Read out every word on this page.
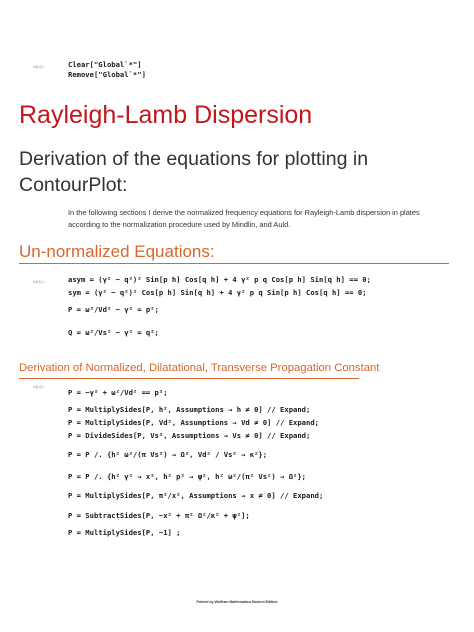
In[10]:=	Clear["Global`*"]
Remove["Global`*"]
Rayleigh-Lamb Dispersion
Derivation of the equations for plotting in ContourPlot:
In the following sections I derive the normalized frequency equations for Rayleigh-Lamb dispersion in plates according to the normalization procedure used by Mindlin, and Auld.
Un-normalized Equations:
In[11]:=	asym = (γ² − q²)² Sin[p h] Cos[q h] + 4 γ² p q Cos[p h] Sin[q h] == 0;
sym = (γ² − q²)² Cos[p h] Sin[q h] + 4 γ² p q Sin[p h] Cos[q h] == 0;
P = ω²/Vd² − γ² = p²;
Q = ω²/Vs² − γ² = q²;
Derivation of Normalized, Dilatational, Transverse Propagation Constant
In[12]:=
P = −γ² + ω²/Vd² == p²;
P = MultiplySides[P, h², Assumptions → h ≠ 0] // Expand;
P = MultiplySides[P, Vd², Assumptions → Vd ≠ 0] // Expand;
P = DivideSides[P, Vs², Assumptions → Vs ≠ 0] // Expand;
P = P /. {h² ω²/(π Vs²) → Ω², Vd² / Vs² → κ²};
P = P /. {h² γ² → x², h² p² → ψ², h² ω²/(π² Vs²) → Ω²};
P = MultiplySides[P, π²/x², Assumptions → x ≠ 0] // Expand;
P = SubtractSides[P, −x² + π² Ω²/κ² + ψ²];
P = MultiplySides[P, −1] ;
Printed by Wolfram Mathematica Student Edition
